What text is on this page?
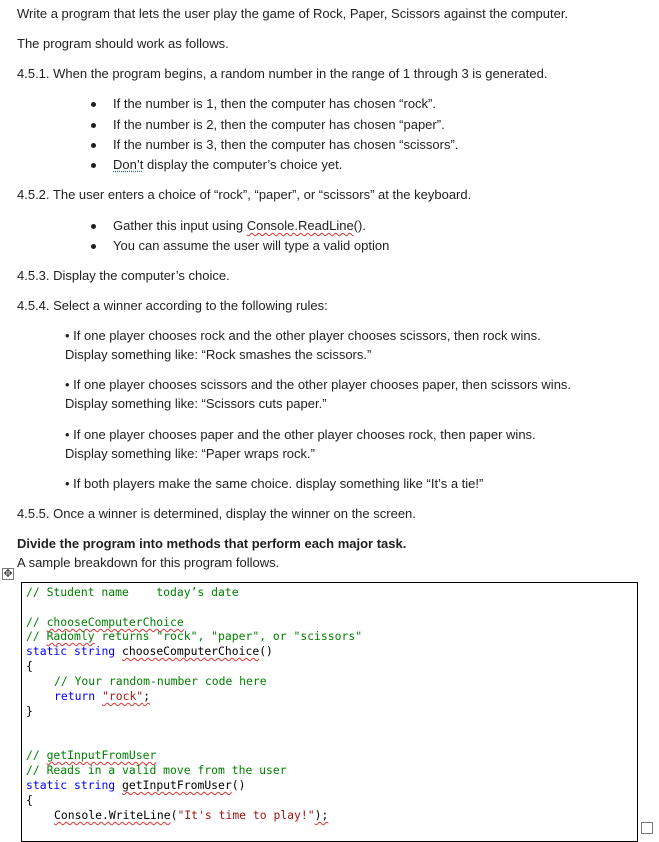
Write a program that lets the user play the game of Rock, Paper, Scissors against the computer.
The program should work as follows.
4.5.1. When the program begins, a random number in the range of 1 through 3 is generated.
If the number is 1, then the computer has chosen “rock”.
If the number is 2, then the computer has chosen “paper”.
If the number is 3, then the computer has chosen “scissors”.
Don’t display the computer’s choice yet.
4.5.2. The user enters a choice of “rock”, “paper”, or “scissors” at the keyboard.
Gather this input using Console.ReadLine().
You can assume the user will type a valid option
4.5.3. Display the computer’s choice.
4.5.4. Select a winner according to the following rules:
• If one player chooses rock and the other player chooses scissors, then rock wins.
Display something like: “Rock smashes the scissors.”
• If one player chooses scissors and the other player chooses paper, then scissors wins.
Display something like: “Scissors cuts paper.”
• If one player chooses paper and the other player chooses rock, then paper wins.
Display something like: “Paper wraps rock.”
• If both players make the same choice. display something like “It’s a tie!”
4.5.5. Once a winner is determined, display the winner on the screen.
Divide the program into methods that perform each major task.
A sample breakdown for this program follows.
✥
// Student name    today’s date
// chooseComputerChoice
// Radomly returns "rock", "paper", or "scissors"
static string chooseComputerChoice()
{
// Your random-number code here
return "rock";
}
// getInputFromUser
// Reads in a valid move from the user
static string getInputFromUser()
{
Console.WriteLine("It's time to play!");
